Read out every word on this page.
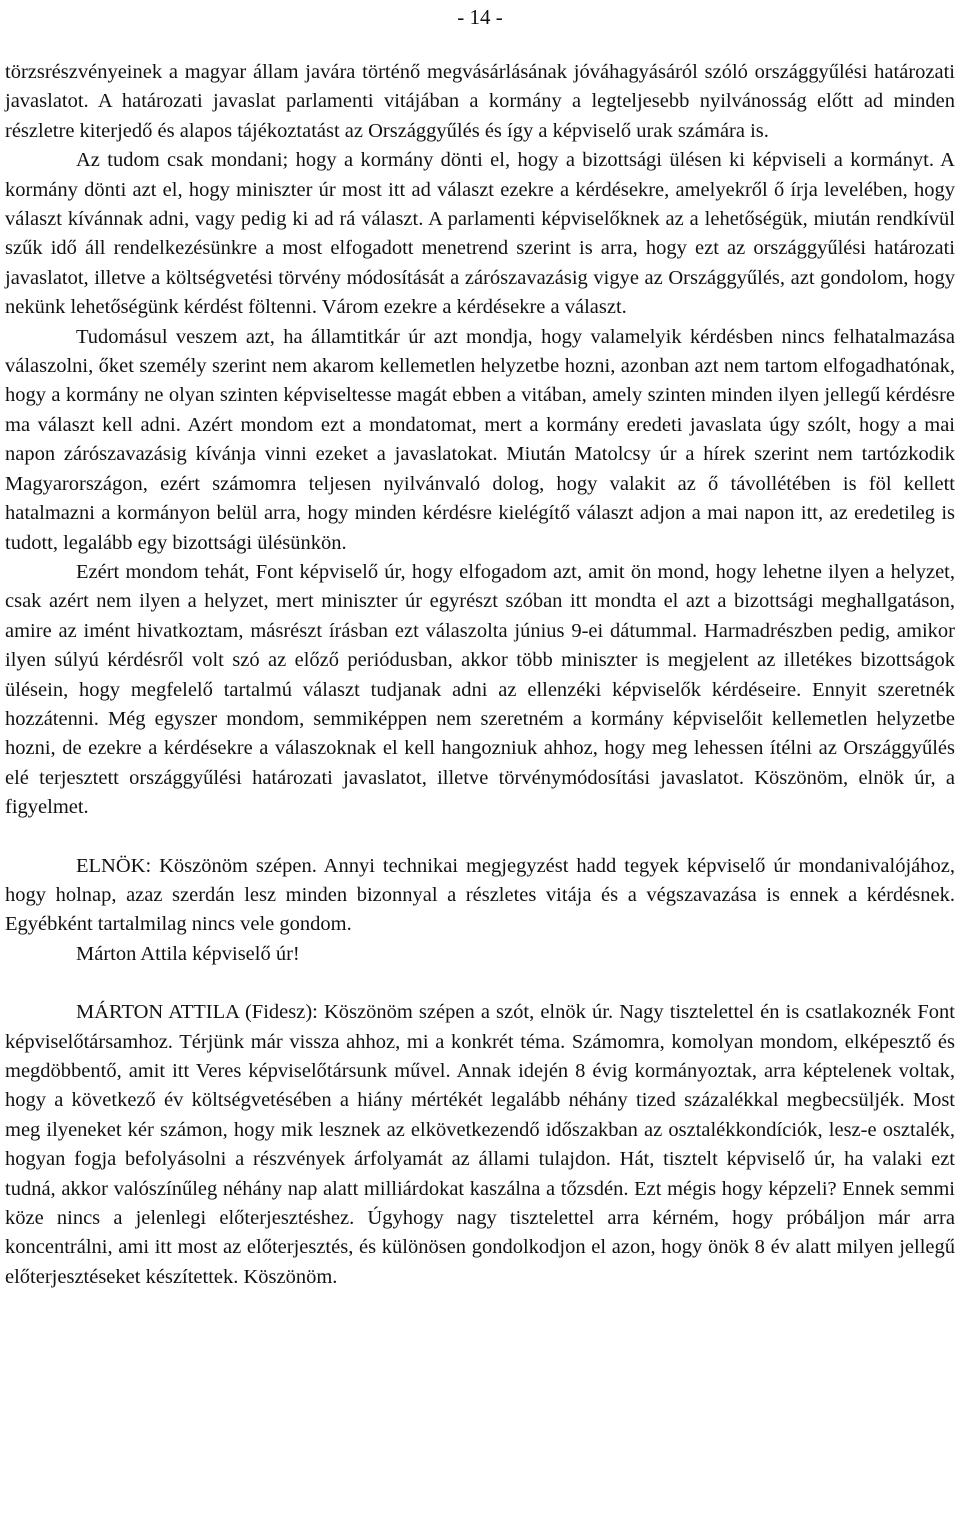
- 14 -

törzsrészvényeinek a magyar állam javára történő megvásárlásának jóváhagyásáról szóló országgyűlési határozati javaslatot. A határozati javaslat parlamenti vitájában a kormány a legteljesebb nyilvánosság előtt ad minden részletre kiterjedő és alapos tájékoztatást az Országgyűlés és így a képviselő urak számára is.

Az tudom csak mondani; hogy a kormány dönti el, hogy a bizottsági ülésen ki képviseli a kormányt. A kormány dönti azt el, hogy miniszter úr most itt ad választ ezekre a kérdésekre, amelyekről ő írja levelében, hogy választ kívánnak adni, vagy pedig ki ad rá választ. A parlamenti képviselőknek az a lehetőségük, miután rendkívül szűk idő áll rendelkezésünkre a most elfogadott menetrend szerint is arra, hogy ezt az országgyűlési határozati javaslatot, illetve a költségvetési törvény módosítását a zárószavazásig vigye az Országgyűlés, azt gondolom, hogy nekünk lehetőségünk kérdést föltenni. Várom ezekre a kérdésekre a választ.

Tudomásul veszem azt, ha államtitkár úr azt mondja, hogy valamelyik kérdésben nincs felhatalmazása válaszolni, őket személy szerint nem akarom kellemetlen helyzetbe hozni, azonban azt nem tartom elfogadhatónak, hogy a kormány ne olyan szinten képviseltesse magát ebben a vitában, amely szinten minden ilyen jellegű kérdésre ma választ kell adni. Azért mondom ezt a mondatomat, mert a kormány eredeti javaslata úgy szólt, hogy a mai napon zárószavazásig kívánja vinni ezeket a javaslatokat. Miután Matolcsy úr a hírek szerint nem tartózkodik Magyarországon, ezért számomra teljesen nyilvánvaló dolog, hogy valakit az ő távollétében is föl kellett hatalmazni a kormányon belül arra, hogy minden kérdésre kielégítő választ adjon a mai napon itt, az eredetileg is tudott, legalább egy bizottsági ülésünkön.

Ezért mondom tehát, Font képviselő úr, hogy elfogadom azt, amit ön mond, hogy lehetne ilyen a helyzet, csak azért nem ilyen a helyzet, mert miniszter úr egyrészt szóban itt mondta el azt a bizottsági meghallgatáson, amire az imént hivatkoztam, másrészt írásban ezt válaszolta június 9-ei dátummal. Harmadrészben pedig, amikor ilyen súlyú kérdésről volt szó az előző periódusban, akkor több miniszter is megjelent az illetékes bizottságok ülésein, hogy megfelelő tartalmú választ tudjanak adni az ellenzéki képviselők kérdéseire. Ennyit szeretnék hozzátenni. Még egyszer mondom, semmiképpen nem szeretném a kormány képviselőit kellemetlen helyzetbe hozni, de ezekre a kérdésekre a válaszoknak el kell hangozniuk ahhoz, hogy meg lehessen ítélni az Országgyűlés elé terjesztett országgyűlési határozati javaslatot, illetve törvénymódosítási javaslatot. Köszönöm, elnök úr, a figyelmet.

ELNÖK: Köszönöm szépen. Annyi technikai megjegyzést hadd tegyek képviselő úr mondanivalójához, hogy holnap, azaz szerdán lesz minden bizonnyal a részletes vitája és a végszavazása is ennek a kérdésnek. Egyébként tartalmilag nincs vele gondom.

Márton Attila képviselő úr!

MÁRTON ATTILA (Fidesz): Köszönöm szépen a szót, elnök úr. Nagy tisztelettel én is csatlakoznék Font képviselőtársamhoz. Térjünk már vissza ahhoz, mi a konkrét téma. Számomra, komolyan mondom, elképesztő és megdöbbentő, amit itt Veres képviselőtársunk művel. Annak idején 8 évig kormányoztak, arra képtelenek voltak, hogy a következő év költségvetésében a hiány mértékét legalább néhány tized százalékkal megbecsüljék. Most meg ilyeneket kér számon, hogy mik lesznek az elkövetkezendő időszakban az osztalékkondíciók, lesz-e osztalék, hogyan fogja befolyásolni a részvények árfolyamát az állami tulajdon. Hát, tisztelt képviselő úr, ha valaki ezt tudná, akkor valószínűleg néhány nap alatt milliárdokat kaszálna a tőzsdén. Ezt mégis hogy képzeli? Ennek semmi köze nincs a jelenlegi előterjesztéshez. Úgyhogy nagy tisztelettel arra kérném, hogy próbáljon már arra koncentrálni, ami itt most az előterjesztés, és különösen gondolkodjon el azon, hogy önök 8 év alatt milyen jellegű előterjesztéseket készítettek. Köszönöm.
